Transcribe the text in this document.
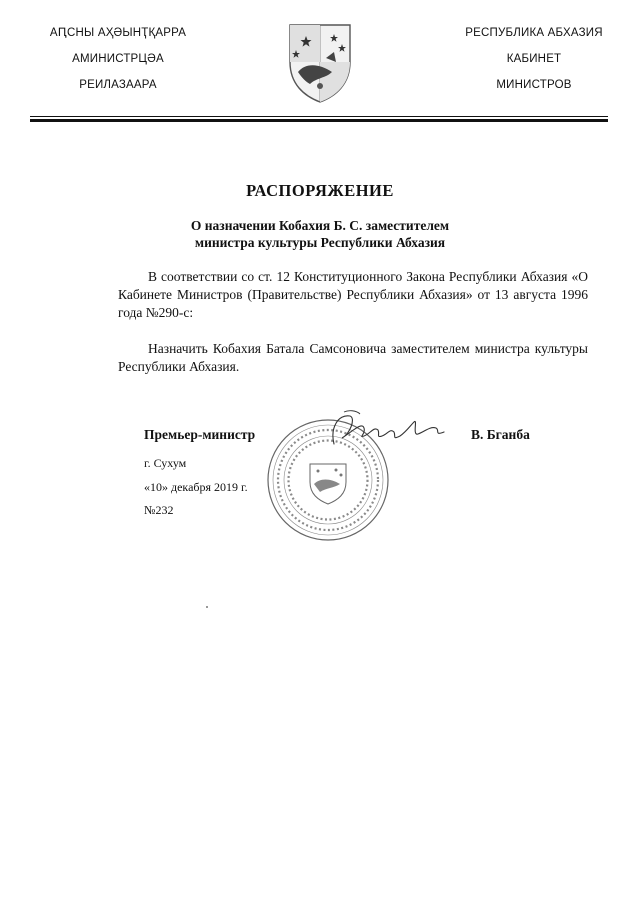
АԤСНЫ АҲӘЫНҬҚАРРА
АМИНИСТРЦӘА
РЕИЛАЗААРА
РЕСПУБЛИКА АБХАЗИЯ
КАБИНЕТ
МИНИСТРОВ
РАСПОРЯЖЕНИЕ
О назначении Кобахия Б. С. заместителем
министра культуры Республики Абхазия
В соответствии со ст. 12 Конституционного Закона Республики Абхазия «О Кабинете Министров (Правительстве) Республики Абхазия» от 13 августа 1996 года №290-с:
Назначить Кобахия Батала Самсоновича заместителем министра культуры Республики Абхазия.
Премьер-министр	В. Бганба
г. Сухум
«10» декабря 2019 г.
№232
